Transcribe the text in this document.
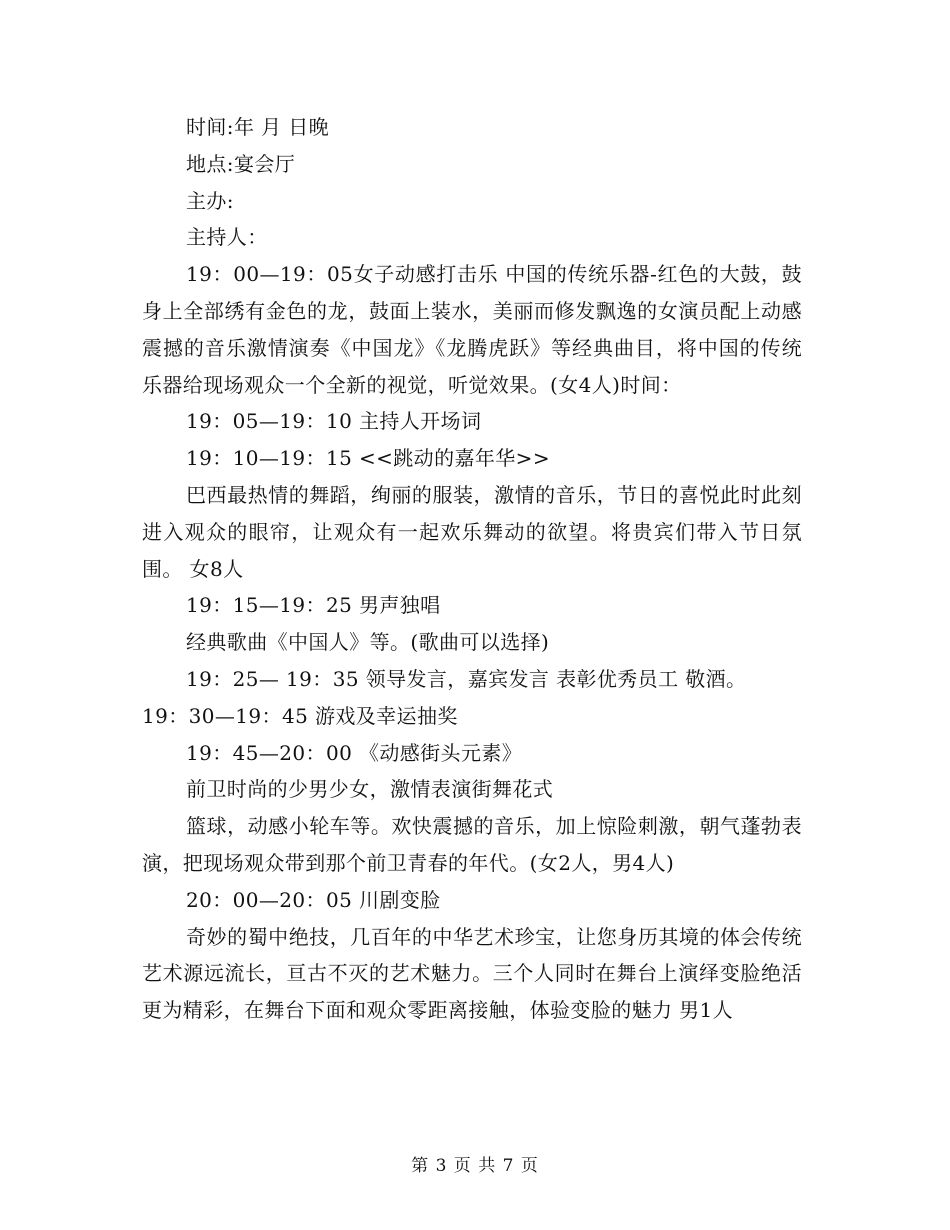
时间:年 月 日晚

地点:宴会厅

主办:

主持人：

19：00—19：05女子动感打击乐 中国的传统乐器-红色的大鼓，鼓身上全部绣有金色的龙，鼓面上装水，美丽而修发飘逸的女演员配上动感震撼的音乐激情演奏《中国龙》《龙腾虎跃》等经典曲目，将中国的传统乐器给现场观众一个全新的视觉，听觉效果。(女4人)时间：

19：05—19：10 主持人开场词

19：10—19：15 <<跳动的嘉年华>>

巴西最热情的舞蹈，绚丽的服装，激情的音乐，节日的喜悦此时此刻进入观众的眼帘，让观众有一起欢乐舞动的欲望。将贵宾们带入节日氛围。 女8人

19：15—19：25 男声独唱

经典歌曲《中国人》等。(歌曲可以选择)

19：25— 19：35 领导发言，嘉宾发言 表彰优秀员工 敬酒。

19：30—19：45 游戏及幸运抽奖

19：45—20：00 《动感街头元素》

前卫时尚的少男少女，激情表演街舞花式

篮球，动感小轮车等。欢快震撼的音乐，加上惊险刺激，朝气蓬勃表演，把现场观众带到那个前卫青春的年代。(女2人，男4人)

20：00—20：05 川剧变脸

奇妙的蜀中绝技，几百年的中华艺术珍宝，让您身历其境的体会传统艺术源远流长，亘古不灭的艺术魅力。三个人同时在舞台上演绎变脸绝活更为精彩，在舞台下面和观众零距离接触，体验变脸的魅力 男1人

第 3 页 共 7 页
